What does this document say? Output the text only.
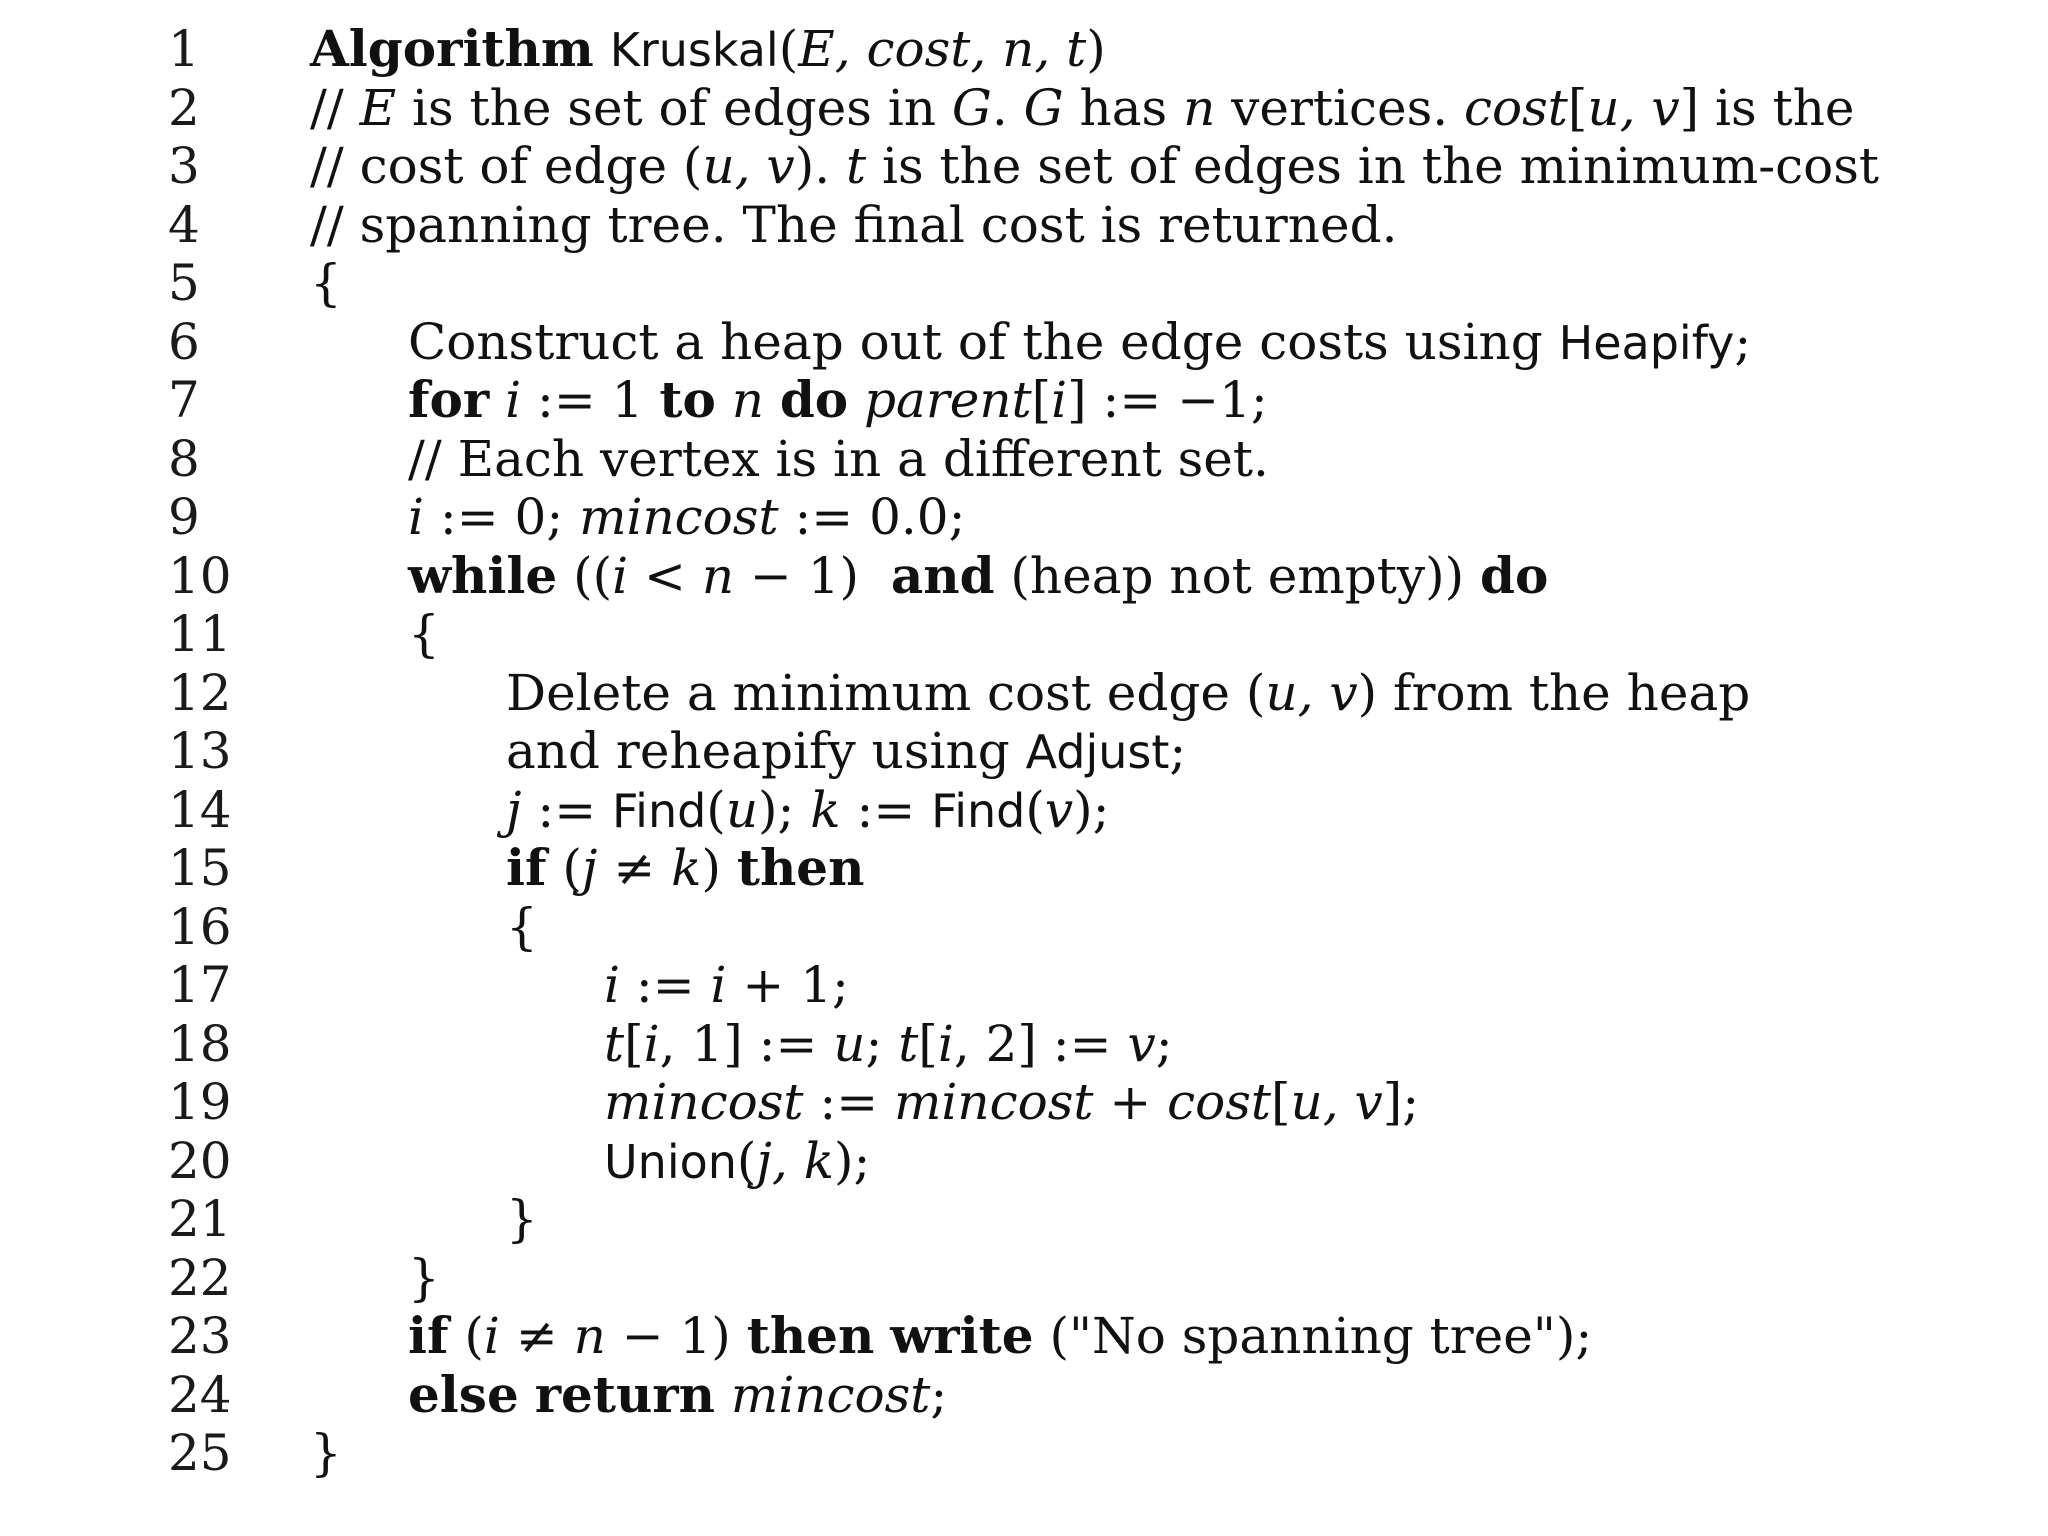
1	Algorithm Kruskal(E, cost, n, t)
2	// E is the set of edges in G. G has n vertices. cost[u, v] is the
3	// cost of edge (u, v). t is the set of edges in the minimum-cost
4	// spanning tree. The final cost is returned.
5	{
6	Construct a heap out of the edge costs using Heapify;
7	for i := 1 to n do parent[i] := −1;
8	// Each vertex is in a different set.
9	i := 0; mincost := 0.0;
10	while ((i < n − 1)  and (heap not empty)) do
11	{
12	Delete a minimum cost edge (u, v) from the heap
13	and reheapify using Adjust;
14	j := Find(u); k := Find(v);
15	if (j ≠ k) then
16	{
17	i := i + 1;
18	t[i, 1] := u; t[i, 2] := v;
19	mincost := mincost + cost[u, v];
20	Union(j, k);
21	}
22	}
23	if (i ≠ n − 1) then write ("No spanning tree");
24	else return mincost;
25	}
